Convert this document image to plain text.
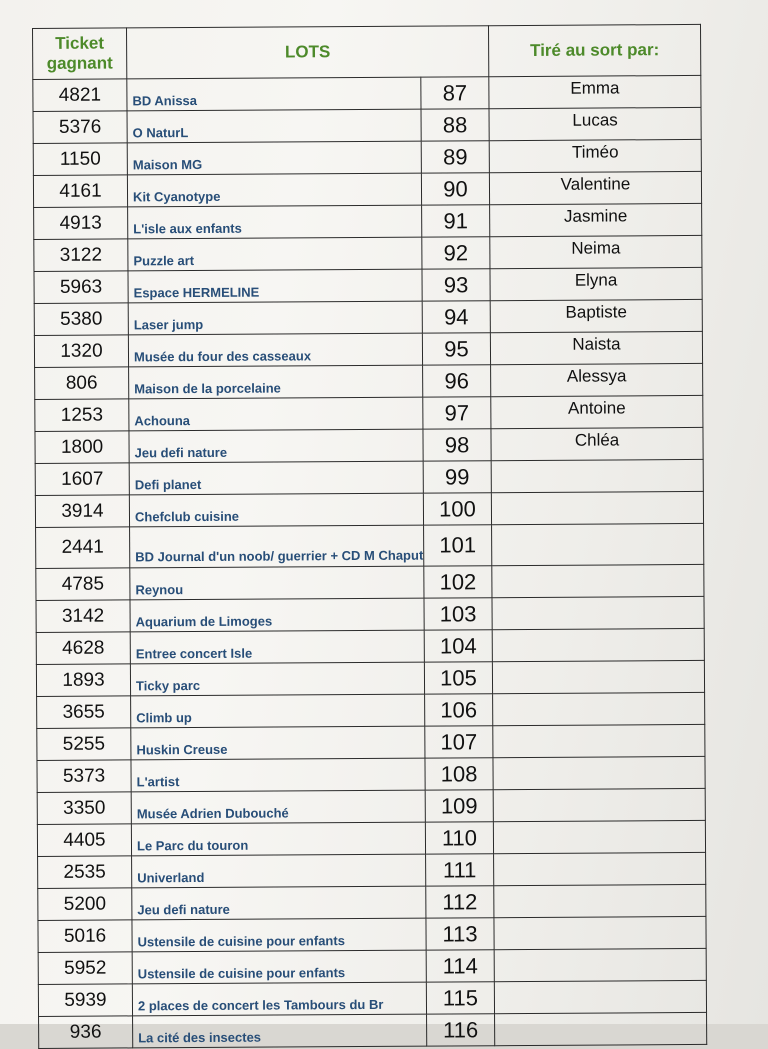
Ticket gagnant	LOTS		Tiré au sort par:
4821	BD Anissa	87	Emma
5376	O NaturL	88	Lucas
1150	Maison MG	89	Timéo
4161	Kit Cyanotype	90	Valentine
4913	L'isle aux enfants	91	Jasmine
3122	Puzzle art	92	Neima
5963	Espace HERMELINE	93	Elyna
5380	Laser jump	94	Baptiste
1320	Musée du four des casseaux	95	Naista
806	Maison de la porcelaine	96	Alessya
1253	Achouna	97	Antoine
1800	Jeu defi nature	98	Chléa
1607	Defi planet	99	
3914	Chefclub cuisine	100	
2441	BD Journal d'un noob/ guerrier + CD M Chaput	101	
4785	Reynou	102	
3142	Aquarium de Limoges	103	
4628	Entree concert Isle	104	
1893	Ticky parc	105	
3655	Climb up	106	
5255	Huskin Creuse	107	
5373	L'artist	108	
3350	Musée Adrien Dubouché	109	
4405	Le Parc du touron	110	
2535	Univerland	111	
5200	Jeu defi nature	112	
5016	Ustensile de cuisine pour enfants	113	
5952	Ustensile de cuisine pour enfants	114	
5939	2 places de concert les Tambours du Br	115	
936	La cité des insectes	116	
